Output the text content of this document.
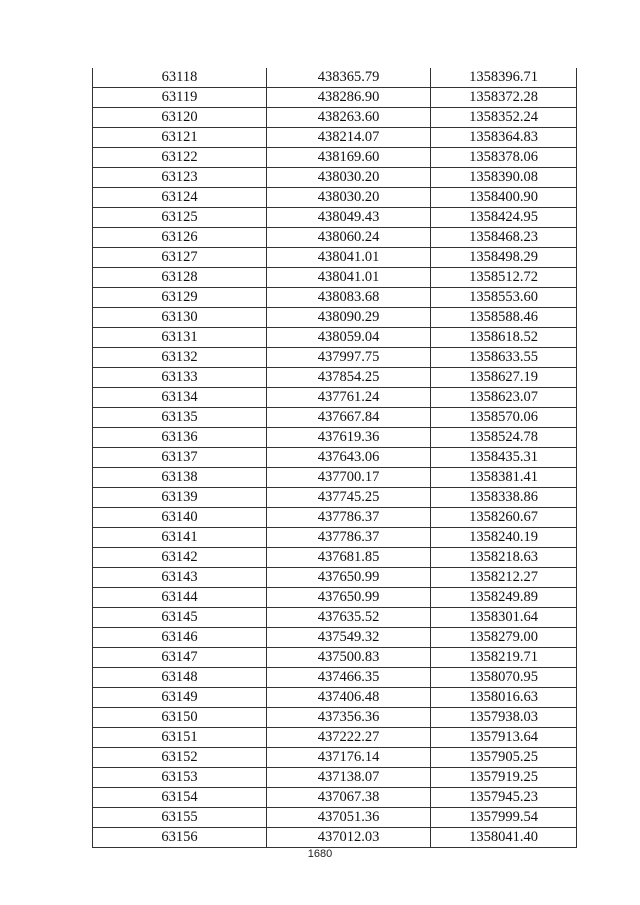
63118	438365.79	1358396.71
63119	438286.90	1358372.28
63120	438263.60	1358352.24
63121	438214.07	1358364.83
63122	438169.60	1358378.06
63123	438030.20	1358390.08
63124	438030.20	1358400.90
63125	438049.43	1358424.95
63126	438060.24	1358468.23
63127	438041.01	1358498.29
63128	438041.01	1358512.72
63129	438083.68	1358553.60
63130	438090.29	1358588.46
63131	438059.04	1358618.52
63132	437997.75	1358633.55
63133	437854.25	1358627.19
63134	437761.24	1358623.07
63135	437667.84	1358570.06
63136	437619.36	1358524.78
63137	437643.06	1358435.31
63138	437700.17	1358381.41
63139	437745.25	1358338.86
63140	437786.37	1358260.67
63141	437786.37	1358240.19
63142	437681.85	1358218.63
63143	437650.99	1358212.27
63144	437650.99	1358249.89
63145	437635.52	1358301.64
63146	437549.32	1358279.00
63147	437500.83	1358219.71
63148	437466.35	1358070.95
63149	437406.48	1358016.63
63150	437356.36	1357938.03
63151	437222.27	1357913.64
63152	437176.14	1357905.25
63153	437138.07	1357919.25
63154	437067.38	1357945.23
63155	437051.36	1357999.54
63156	437012.03	1358041.40
1680
